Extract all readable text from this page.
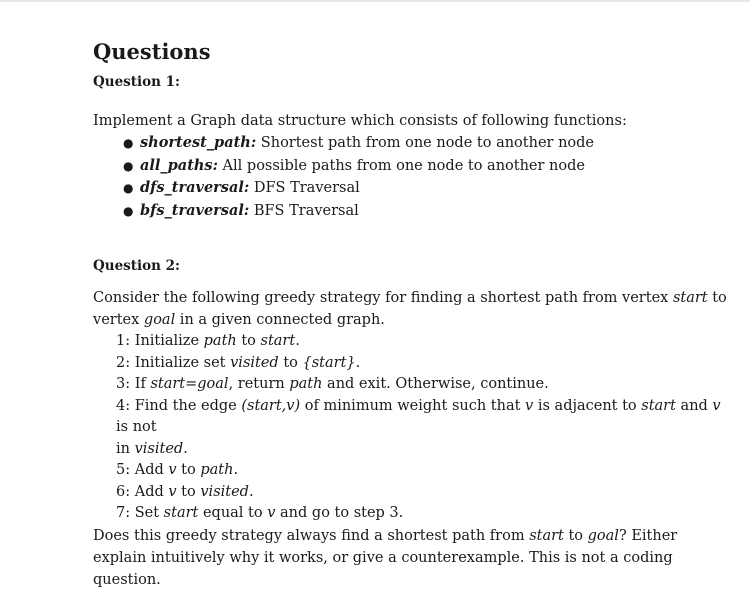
Questions
Question 1:

Implement a Graph data structure which consists of following functions:

● shortest_path: Shortest path from one node to another node
● all_paths: All possible paths from one node to another node
● dfs_traversal: DFS Traversal
● bfs_traversal: BFS Traversal
Question 2:

Consider the following greedy strategy for finding a shortest path from vertex start to vertex goal in a given connected graph.

1: Initialize path to start.
2: Initialize set visited to {start}.
3: If start=goal, return path and exit. Otherwise, continue.
4: Find the edge (start,v) of minimum weight such that v is adjacent to start and v is not
in visited.
5: Add v to path.
6: Add v to visited.
7: Set start equal to v and go to step 3.

Does this greedy strategy always find a shortest path from start to goal? Either explain intuitively why it works, or give a counterexample. This is not a coding question.
